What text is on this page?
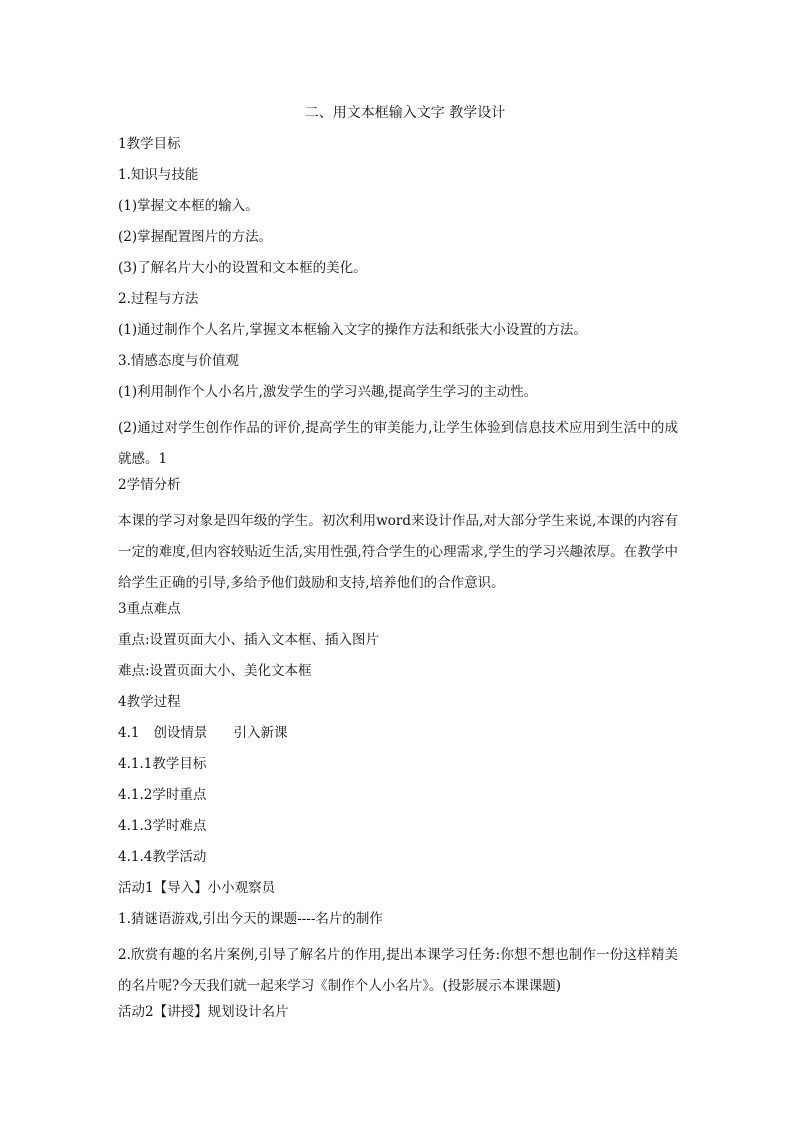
二、用文本框输入文字 教学设计
1教学目标
1.知识与技能
(1)掌握文本框的输入。
(2)掌握配置图片的方法。
(3)了解名片大小的设置和文本框的美化。
2.过程与方法
(1)通过制作个人名片,掌握文本框输入文字的操作方法和纸张大小设置的方法。
3.情感态度与价值观
(1)利用制作个人小名片,激发学生的学习兴趣,提高学生学习的主动性。

(2)通过对学生创作作品的评价,提高学生的审美能力,让学生体验到信息技术应用到生活中的成就感。1

2学情分析

本课的学习对象是四年级的学生。初次利用word来设计作品,对大部分学生来说,本课的内容有一定的难度,但内容较贴近生活,实用性强,符合学生的心理需求,学生的学习兴趣浓厚。在教学中给学生正确的引导,多给予他们鼓励和支持,培养他们的合作意识。

3重点难点
重点:设置页面大小、插入文本框、插入图片
难点:设置页面大小、美化文本框
4教学过程
4.1 创设情景 引入新课
4.1.1教学目标
4.1.2学时重点
4.1.3学时难点
4.1.4教学活动
活动1【导入】小小观察员
1.猜谜语游戏,引出今天的课题----名片的制作

2.欣赏有趣的名片案例,引导了解名片的作用,提出本课学习任务:你想不想也制作一份这样精美的名片呢?今天我们就一起来学习《制作个人小名片》。(投影展示本课课题)

活动2【讲授】规划设计名片
